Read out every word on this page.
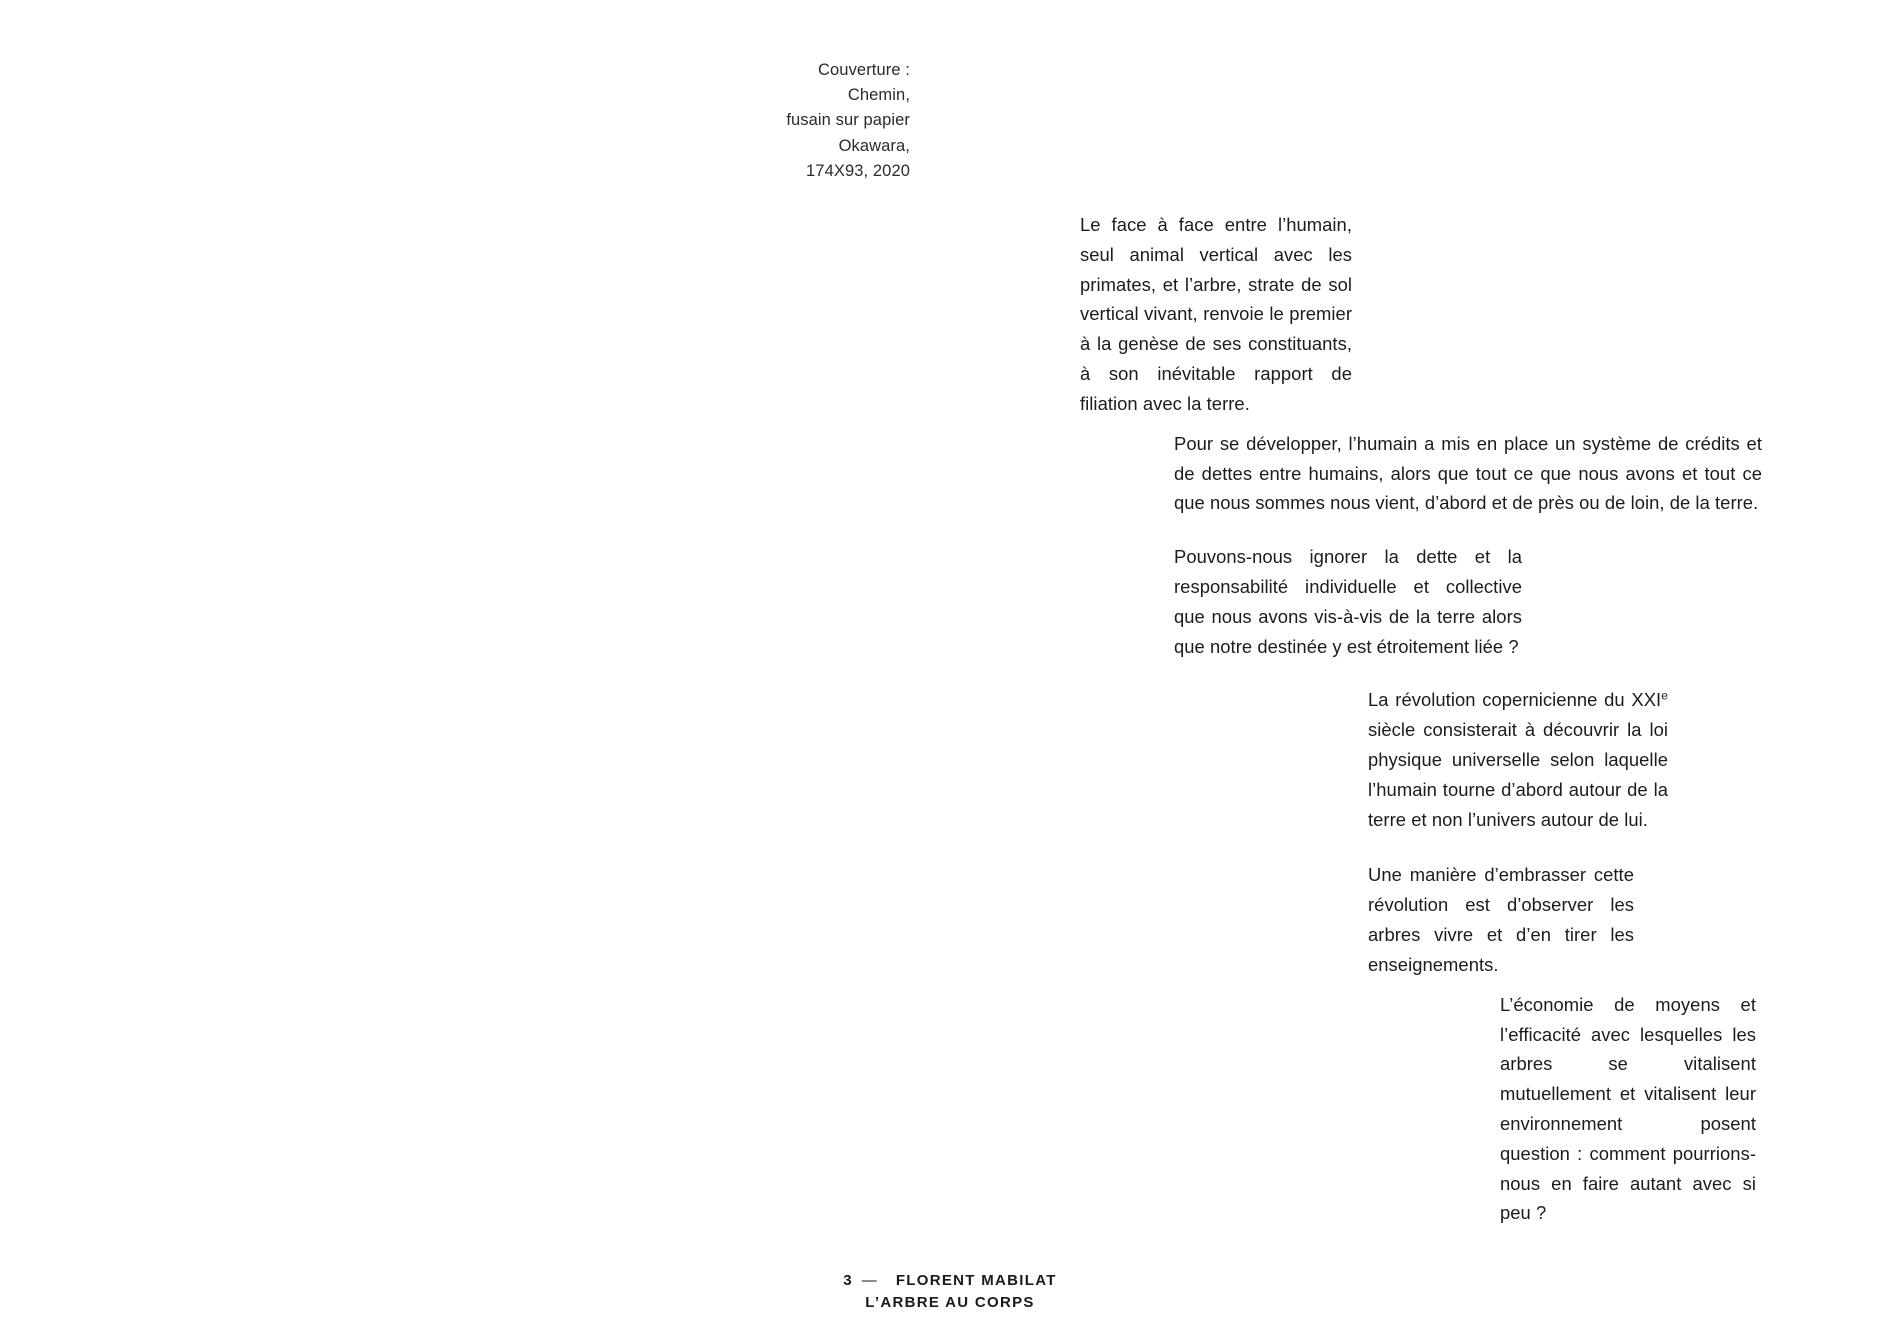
Couverture :
Chemin,
fusain sur papier
Okawara,
174X93, 2020

Le face à face entre l’humain, seul animal vertical avec les primates, et l’arbre, strate de sol vertical vivant, renvoie le premier à la genèse de ses constituants, à son inévitable rapport de filiation avec la terre.

Pour se développer, l’humain a mis en place un système de crédits et de dettes entre humains, alors que tout ce que nous avons et tout ce que nous sommes nous vient, d’abord et de près ou de loin, de la terre.

Pouvons-nous ignorer la dette et la responsabilité individuelle et collective que nous avons vis-à-vis de la terre alors que notre destinée y est étroitement liée ?

La révolution copernicienne du XXIe siècle consisterait à découvrir la loi physique universelle selon laquelle l’humain tourne d’abord autour de la terre et non l’univers autour de lui.

Une manière d’embrasser cette révolution est d’observer les arbres vivre et d’en tirer les enseignements.

L’économie de moyens et l’efficacité avec lesquelles les arbres se vitalisent mutuellement et vitalisent leur environnement posent question : comment pourrions-nous en faire autant avec si peu ?

3 — FLORENT MABILAT
L’ARBRE AU CORPS
